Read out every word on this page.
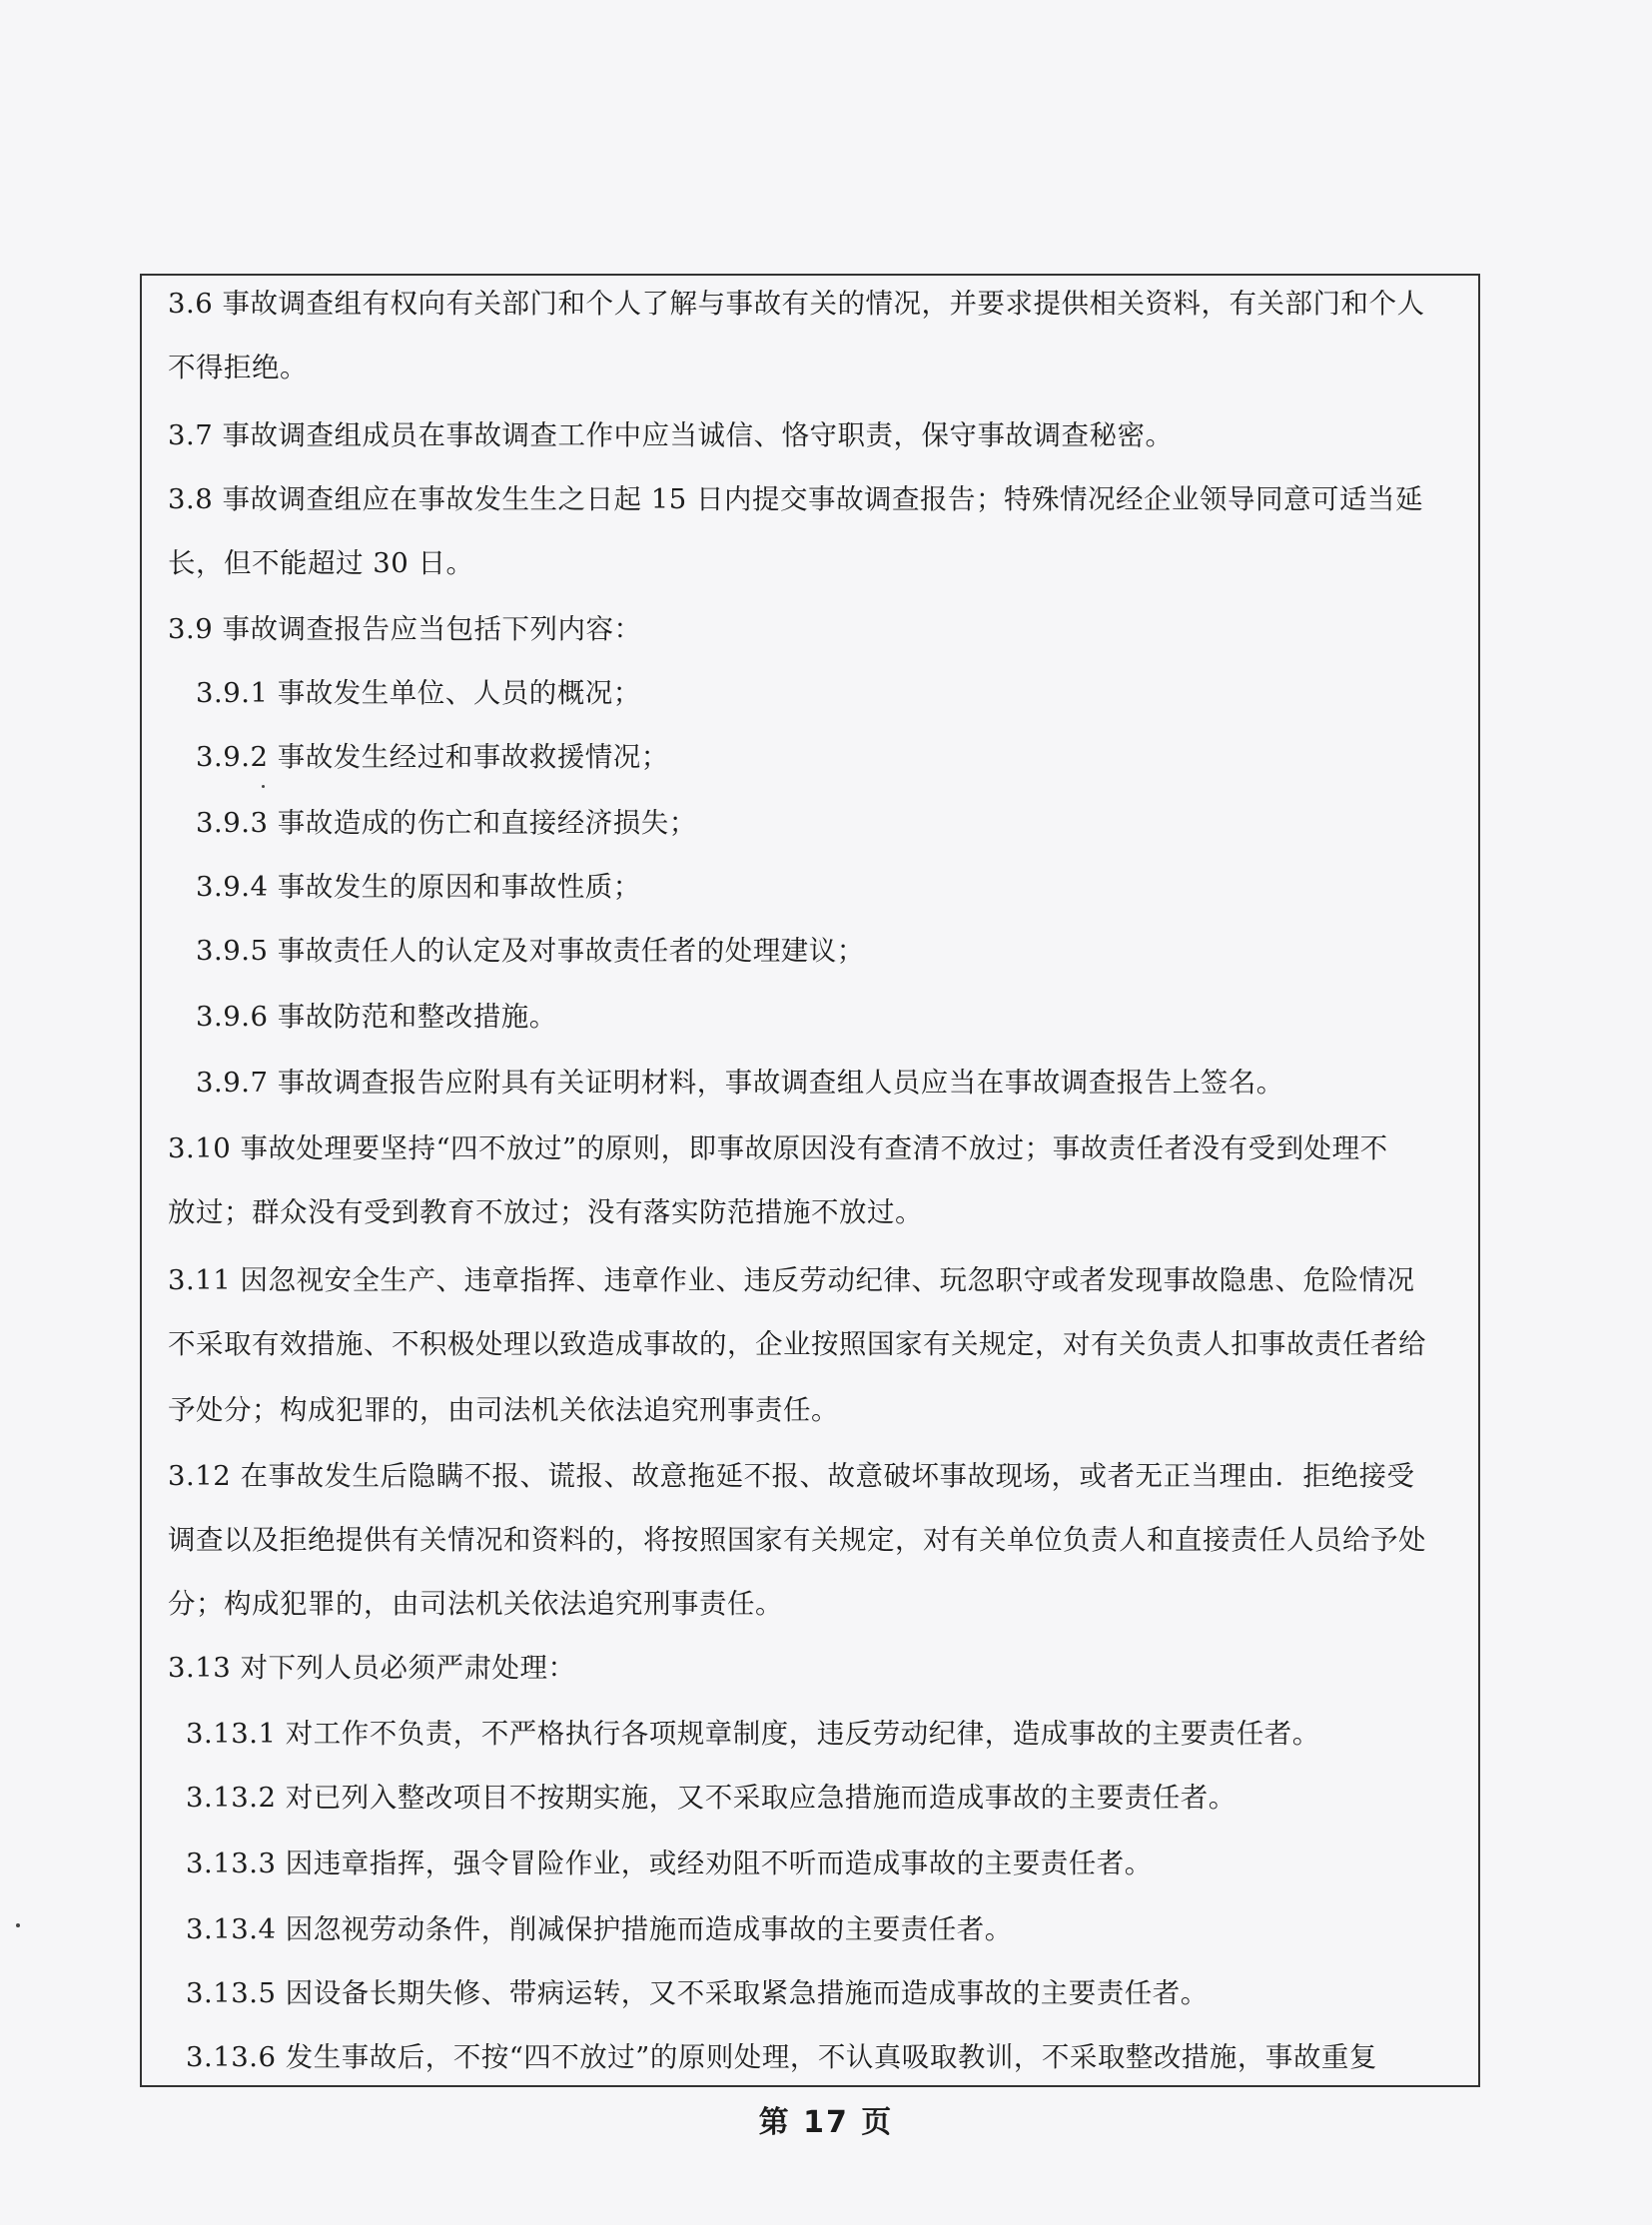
3.6 事故调查组有权向有关部门和个人了解与事故有关的情况，并要求提供相关资料，有关部门和个人
不得拒绝。
3.7 事故调查组成员在事故调查工作中应当诚信、恪守职责，保守事故调查秘密。
3.8 事故调查组应在事故发生生之日起 15 日内提交事故调查报告；特殊情况经企业领导同意可适当延
长，但不能超过 30 日。
3.9 事故调查报告应当包括下列内容：
3.9.1 事故发生单位、人员的概况；
3.9.2 事故发生经过和事故救援情况；
3.9.3 事故造成的伤亡和直接经济损失；
3.9.4 事故发生的原因和事故性质；
3.9.5 事故责任人的认定及对事故责任者的处理建议；
3.9.6 事故防范和整改措施。
3.9.7 事故调查报告应附具有关证明材料，事故调查组人员应当在事故调查报告上签名。
3.10 事故处理要坚持“四不放过”的原则，即事故原因没有查清不放过；事故责任者没有受到处理不
放过；群众没有受到教育不放过；没有落实防范措施不放过。
3.11 因忽视安全生产、违章指挥、违章作业、违反劳动纪律、玩忽职守或者发现事故隐患、危险情况
不采取有效措施、不积极处理以致造成事故的，企业按照国家有关规定，对有关负责人扣事故责任者给
予处分；构成犯罪的，由司法机关依法追究刑事责任。
3.12 在事故发生后隐瞒不报、谎报、故意拖延不报、故意破坏事故现场，或者无正当理由．拒绝接受
调查以及拒绝提供有关情况和资料的，将按照国家有关规定，对有关单位负责人和直接责任人员给予处
分；构成犯罪的，由司法机关依法追究刑事责任。
3.13 对下列人员必须严肃处理：
3.13.1 对工作不负责，不严格执行各项规章制度，违反劳动纪律，造成事故的主要责任者。
3.13.2 对已列入整改项目不按期实施，又不采取应急措施而造成事故的主要责任者。
3.13.3 因违章指挥，强令冒险作业，或经劝阻不听而造成事故的主要责任者。
3.13.4 因忽视劳动条件，削减保护措施而造成事故的主要责任者。
3.13.5 因设备长期失修、带病运转，又不采取紧急措施而造成事故的主要责任者。
3.13.6 发生事故后，不按“四不放过”的原则处理，不认真吸取教训，不采取整改措施，事故重复
第 17 页
